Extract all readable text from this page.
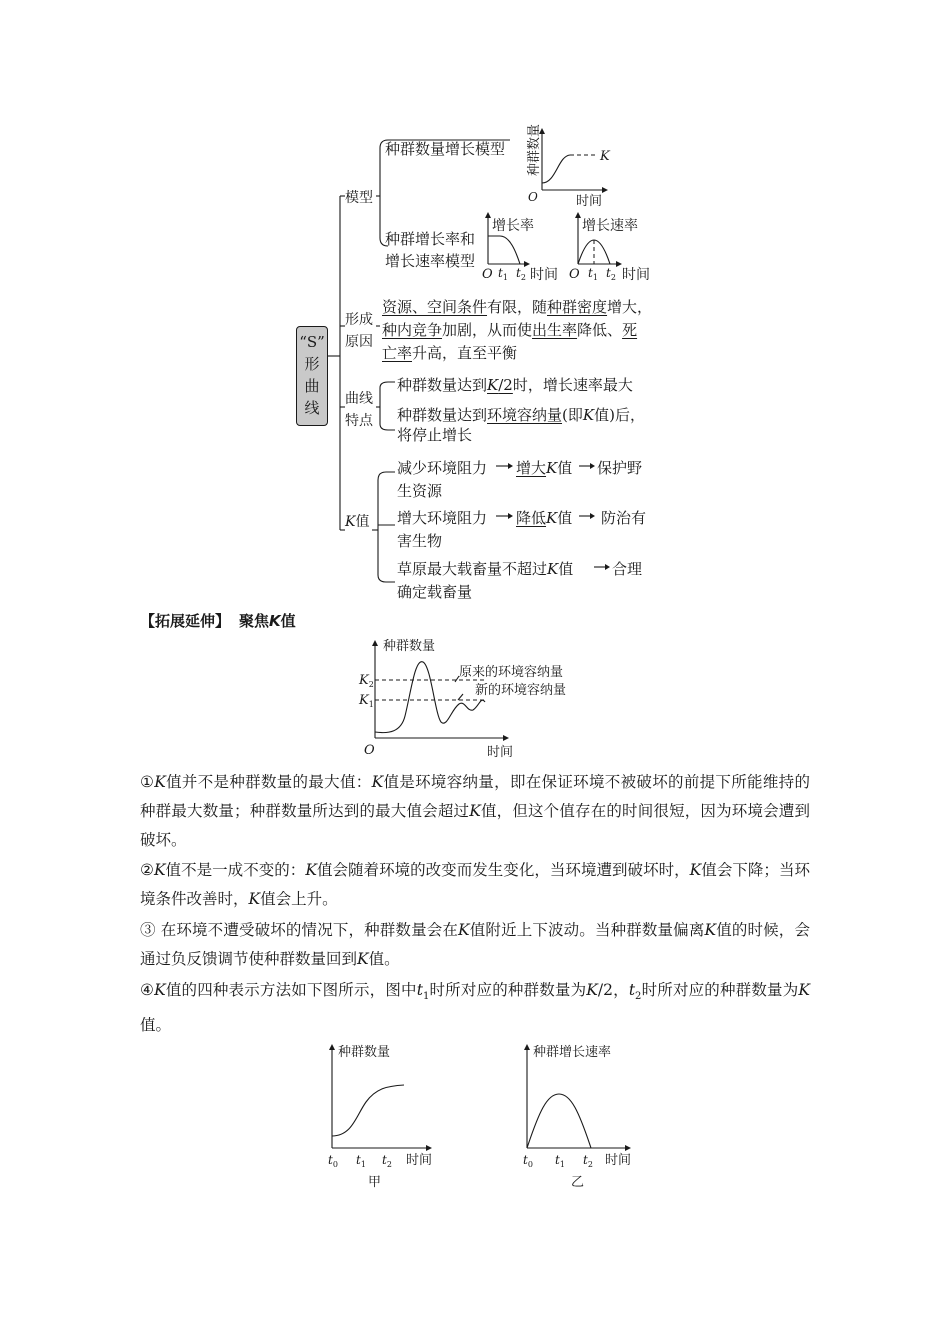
“S”
形
曲
线
模型
形成
原因
曲线
特点
K值
种群数量增长模型 种群数量	K
O	时间
种群增长率和
增长速率模型
增长率
O $t_1$ $t_2$ 时间
增长速率
O $t_1$ $t_2$ 时间
资源、空间条件有限，随种群密度增大，
种内竞争加剧，从而使出生率降低、死
亡率升高，直至平衡
种群数量达到K/2时，增长速率最大
种群数量达到环境容纳量(即K值)后，
将停止增长
减少环境阻力 增大K值 保护野
生资源
增大环境阻力 降低K值 防治有
害生物
草原最大载畜量不超过K值	合理
确定载畜量
【拓展延伸】 聚焦K值
种群数量
$K_2$
$K_1$
O	时间
原来的环境容纳量
新的环境容纳量
①K值并不是种群数量的最大值：K值是环境容纳量，即在保证环境不被破坏的前提下所能维持的种群最大数量；种群数量所达到的最大值会超过K值，但这个值存在的时间很短，因为环境会遭到破坏。
②K值不是一成不变的：K值会随着环境的改变而发生变化，当环境遭到破坏时，K值会下降；当环境条件改善时，K值会上升。
③ 在环境不遭受破坏的情况下，种群数量会在K值附近上下波动。当种群数量偏离K值的时候，会通过负反馈调节使种群数量回到K值。
④K值的四种表示方法如下图所示，图中$t_1$时所对应的种群数量为K/2，$t_2$时所对应的种群数量为K值。
种群数量
$t_0$ $t_1$ $t_2$ 时间
甲
种群增长速率
$t_0$ $t_1$ $t_2$ 时间
乙
